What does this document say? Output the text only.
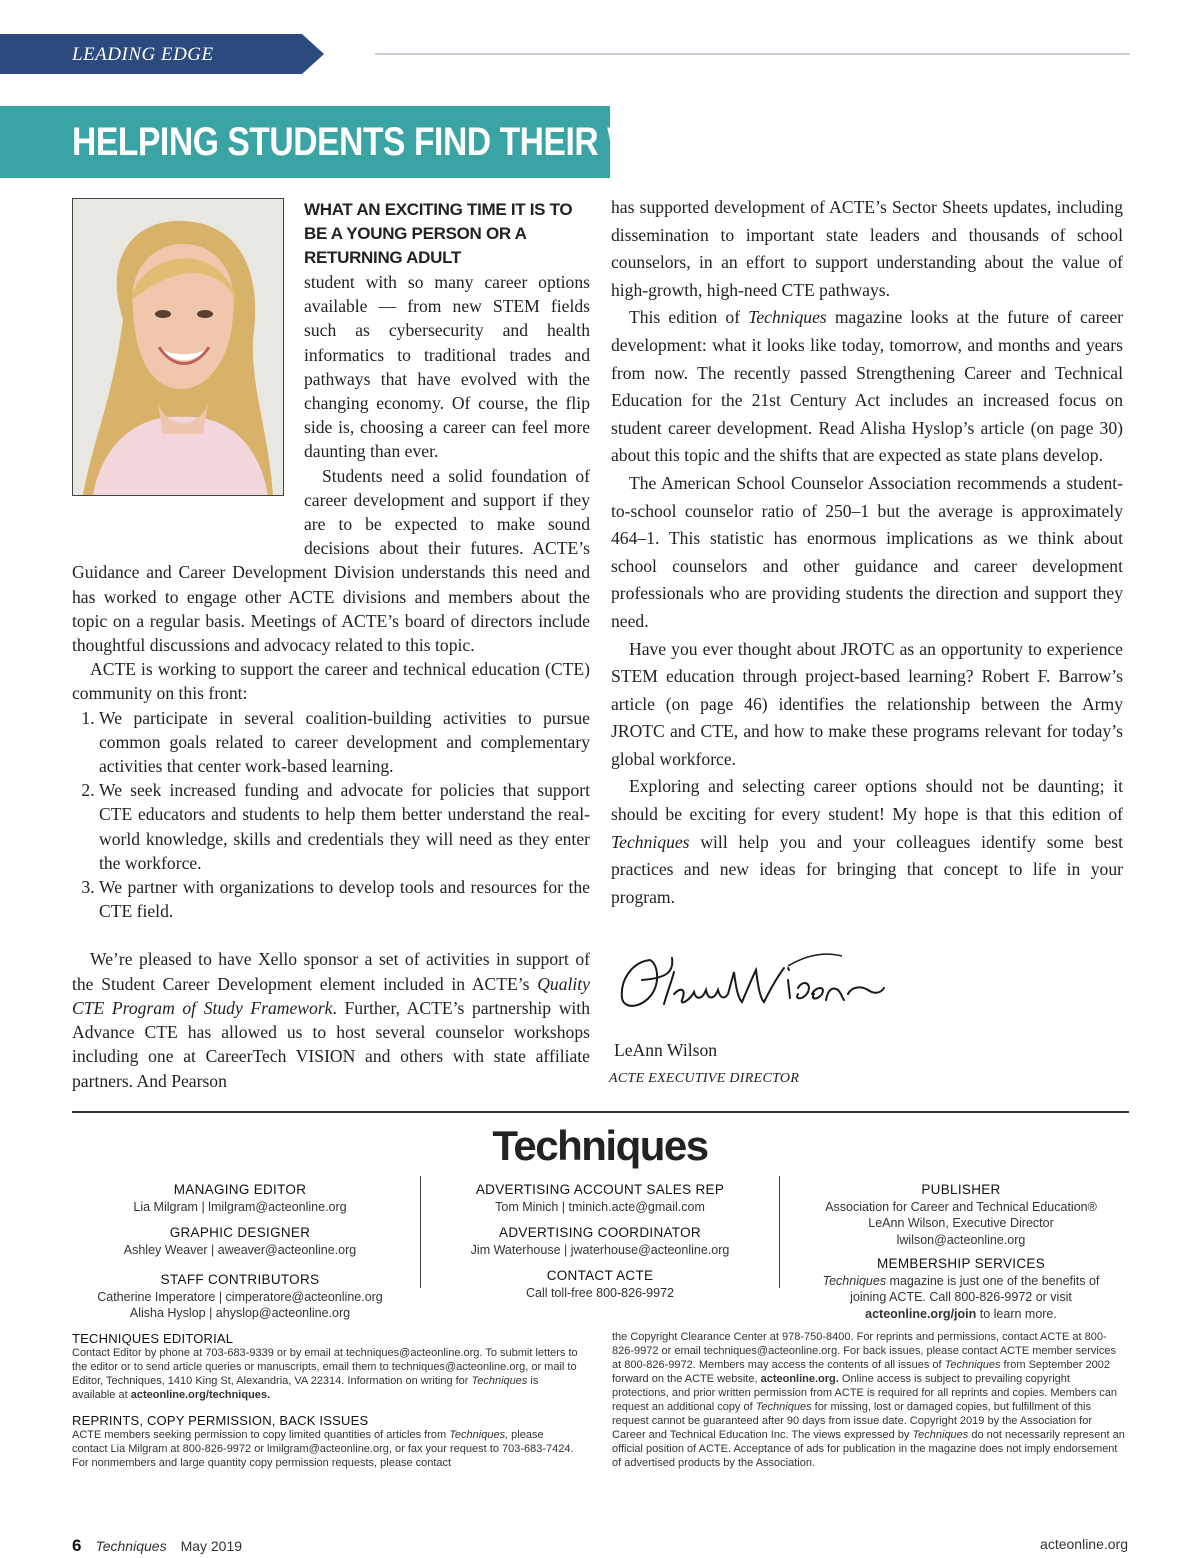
LEADING EDGE
HELPING STUDENTS FIND THEIR WAY
WHAT AN EXCITING TIME IT IS TO BE A YOUNG PERSON OR A RETURNING ADULT

student with so many career options available — from new STEM fields such as cybersecurity and health informatics to traditional trades and pathways that have evolved with the changing economy. Of course, the flip side is, choosing a career can feel more daunting than ever.

Students need a solid foundation of career development and support if they are to be expected to make sound decisions about their futures. ACTE’s Guidance and Career Development Division understands this need and has worked to engage other ACTE divisions and members about the topic on a regular basis. Meetings of ACTE’s board of directors include thoughtful discussions and advocacy related to this topic.

ACTE is working to support the career and technical education (CTE) community on this front:

1. We participate in several coalition-building activities to pursue common goals related to career development and complementary activities that center work-based learning.
2. We seek increased funding and advocate for policies that support CTE educators and students to help them better understand the real-world knowledge, skills and credentials they will need as they enter the workforce.
3. We partner with organizations to develop tools and resources for the CTE field.

We’re pleased to have Xello sponsor a set of activities in support of the Student Career Development element included in ACTE’s Quality CTE Program of Study Framework. Further, ACTE’s partnership with Advance CTE has allowed us to host several counselor workshops including one at CareerTech VISION and others with state affiliate partners. And Pearson

has supported development of ACTE’s Sector Sheets updates, including dissemination to important state leaders and thousands of school counselors, in an effort to support understanding about the value of high-growth, high-need CTE pathways.

This edition of Techniques magazine looks at the future of career development: what it looks like today, tomorrow, and months and years from now. The recently passed Strengthening Career and Technical Education for the 21st Century Act includes an increased focus on student career development. Read Alisha Hyslop’s article (on page 30) about this topic and the shifts that are expected as state plans develop.

The American School Counselor Association recommends a student-to-school counselor ratio of 250–1 but the average is approximately 464–1. This statistic has enormous implications as we think about school counselors and other guidance and career development professionals who are providing students the direction and support they need.

Have you ever thought about JROTC as an opportunity to experience STEM education through project-based learning? Robert F. Barrow’s article (on page 46) identifies the relationship between the Army JROTC and CTE, and how to make these programs relevant for today’s global workforce.

Exploring and selecting career options should not be daunting; it should be exciting for every student! My hope is that this edition of Techniques will help you and your colleagues identify some best practices and new ideas for bringing that concept to life in your program.

LeAnn Wilson
ACTE EXECUTIVE DIRECTOR
Techniques
MANAGING EDITOR
Lia Milgram | lmilgram@acteonline.org
GRAPHIC DESIGNER
Ashley Weaver | aweaver@acteonline.org
STAFF CONTRIBUTORS
Catherine Imperatore | cimperatore@acteonline.org
Alisha Hyslop | ahyslop@acteonline.org
ADVERTISING ACCOUNT SALES REP
Tom Minich | tminich.acte@gmail.com
ADVERTISING COORDINATOR
Jim Waterhouse | jwaterhouse@acteonline.org
CONTACT ACTE
Call toll-free 800-826-9972
PUBLISHER
Association for Career and Technical Education®
LeAnn Wilson, Executive Director
lwilson@acteonline.org
MEMBERSHIP SERVICES
Techniques magazine is just one of the benefits of joining ACTE. Call 800-826-9972 or visit acteonline.org/join to learn more.
TECHNIQUES EDITORIAL
Contact Editor by phone at 703-683-9339 or by email at techniques@acteonline.org. To submit letters to the editor or to send article queries or manuscripts, email them to techniques@acteonline.org, or mail to Editor, Techniques, 1410 King St, Alexandria, VA 22314. Information on writing for Techniques is available at acteonline.org/techniques.
REPRINTS, COPY PERMISSION, BACK ISSUES
ACTE members seeking permission to copy limited quantities of articles from Techniques, please contact Lia Milgram at 800-826-9972 or lmilgram@acteonline.org, or fax your request to 703-683-7424. For nonmembers and large quantity copy permission requests, please contact
the Copyright Clearance Center at 978-750-8400. For reprints and permissions, contact ACTE at 800-826-9972 or email techniques@acteonline.org. For back issues, please contact ACTE member services at 800-826-9972. Members may access the contents of all issues of Techniques from September 2002 forward on the ACTE website, acteonline.org. Online access is subject to prevailing copyright protections, and prior written permission from ACTE is required for all reprints and copies. Members can request an additional copy of Techniques for missing, lost or damaged copies, but fulfillment of this request cannot be guaranteed after 90 days from issue date. Copyright 2019 by the Association for Career and Technical Education Inc. The views expressed by Techniques do not necessarily represent an official position of ACTE. Acceptance of ads for publication in the magazine does not imply endorsement of advertised products by the Association.
6 Techniques May 2019	acteonline.org
